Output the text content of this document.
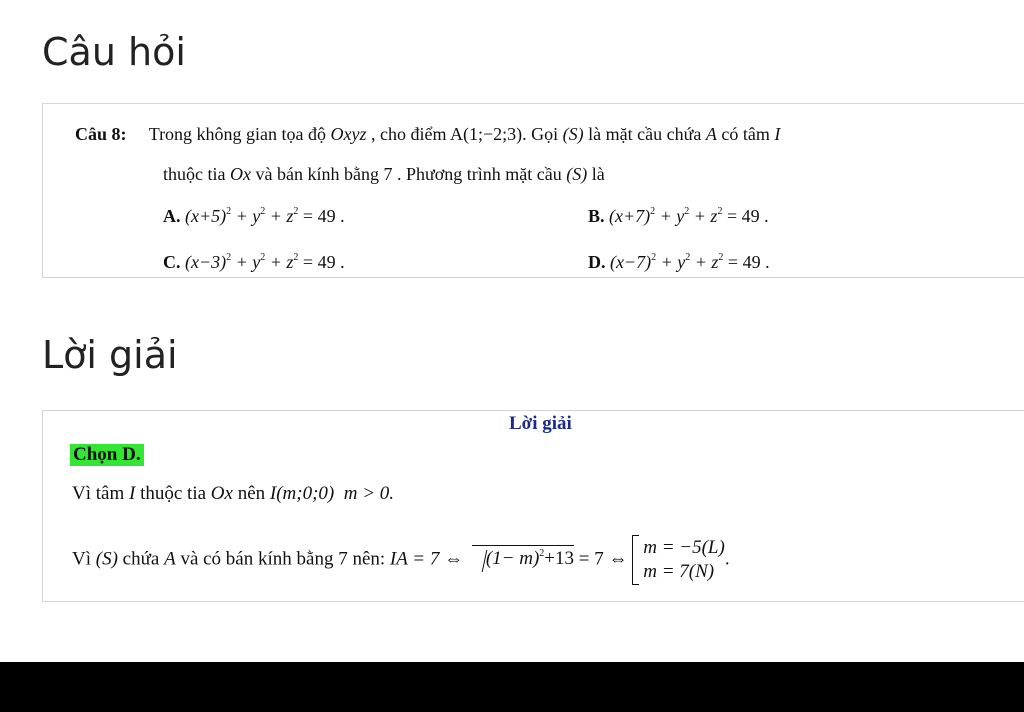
Câu hỏi
Câu 8: Trong không gian tọa độ Oxyz , cho điểm A(1;−2;3). Gọi (S) là mặt cầu chứa A có tâm I
thuộc tia Ox và bán kính bằng 7 . Phương trình mặt cầu (S) là
A. $(x+5)^2 + y^2 + z^2 = 49$ .	B. $(x+7)^2 + y^2 + z^2 = 49$ .
C. $(x-3)^2 + y^2 + z^2 = 49$ .	D. $(x-7)^2 + y^2 + z^2 = 49$ .
Lời giải
Lời giải
Chọn D.
Vì tâm I thuộc tia Ox nên I(m;0;0) m > 0.
Vì (S) chứa A và có bán kính bằng 7 nên: IA = 7 ⇔ $(1- m)^2+13 = 7$ ⇔
m = −5(L)
m = 7(N)
.
